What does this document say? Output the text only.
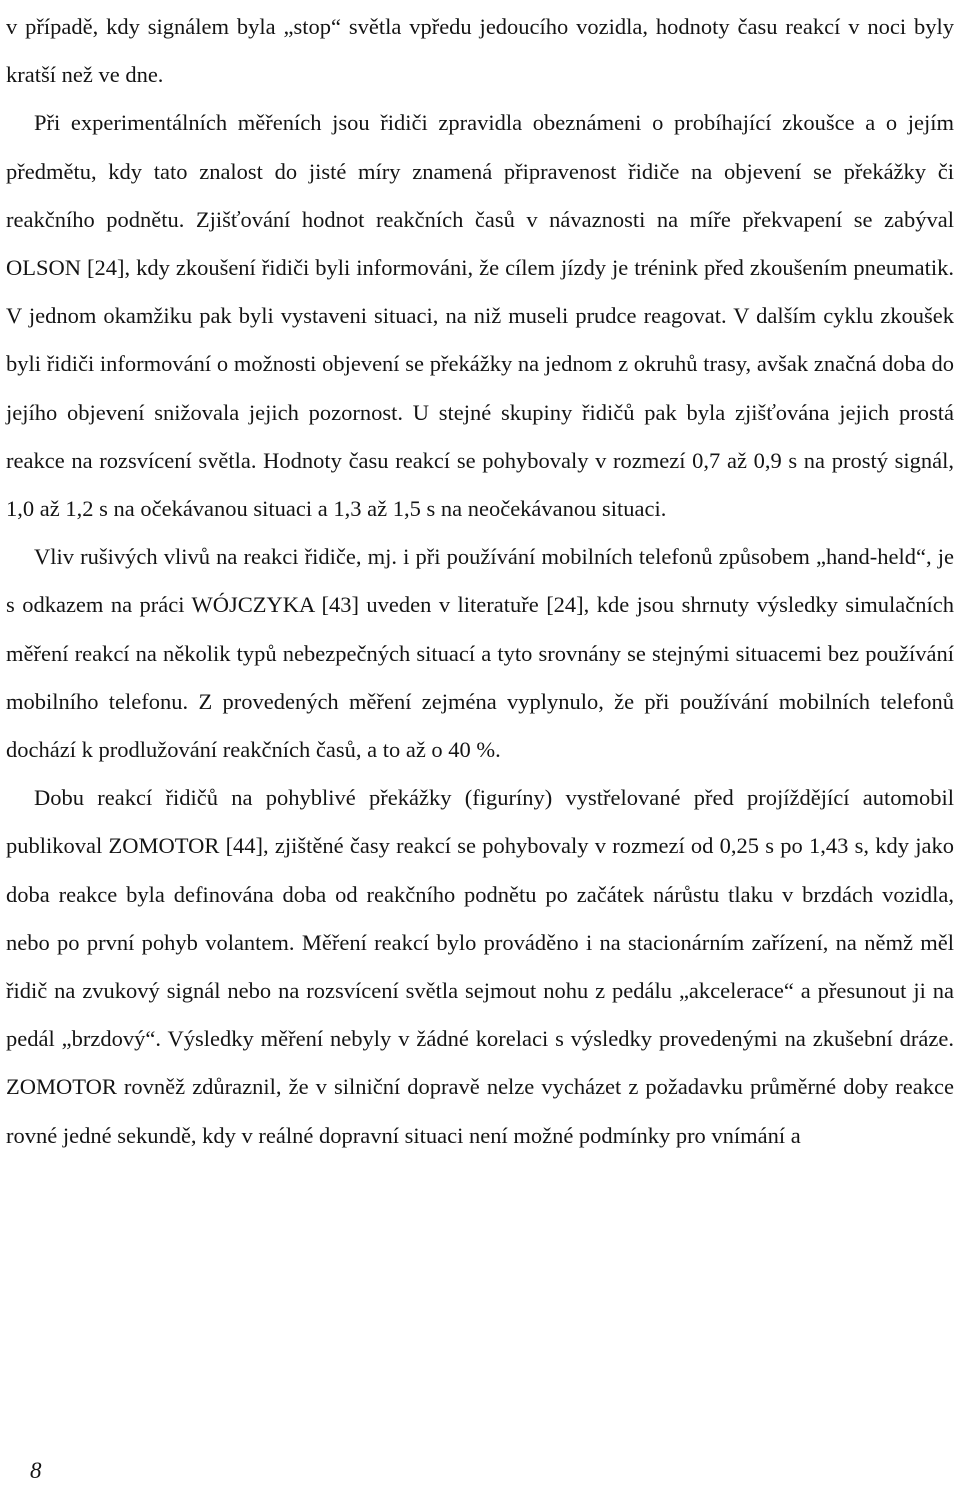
v případě, kdy signálem byla „stop“ světla vpředu jedoucího vozidla, hodnoty času reakcí v noci byly kratší než ve dne.

Při experimentálních měřeních jsou řidiči zpravidla obeznámeni o probíhající zkoušce a o jejím předmětu, kdy tato znalost do jisté míry znamená připravenost řidiče na objevení se překážky či reakčního podnětu. Zjišťování hodnot reakčních časů v návaznosti na míře překvapení se zabýval OLSON [24], kdy zkoušení řidiči byli informováni, že cílem jízdy je trénink před zkoušením pneumatik. V jednom okamžiku pak byli vystaveni situaci, na niž museli prudce reagovat. V dalším cyklu zkoušek byli řidiči informování o možnosti objevení se překážky na jednom z okruhů trasy, avšak značná doba do jejího objevení snižovala jejich pozornost. U stejné skupiny řidičů pak byla zjišťována jejich prostá reakce na rozsvícení světla. Hodnoty času reakcí se pohybovaly v rozmezí 0,7 až 0,9 s na prostý signál, 1,0 až 1,2 s na očekávanou situaci a 1,3 až 1,5 s na neočekávanou situaci.

Vliv rušivých vlivů na reakci řidiče, mj. i při používání mobilních telefonů způsobem „hand-held“, je s odkazem na práci WÓJCZYKA [43] uveden v literatuře [24], kde jsou shrnuty výsledky simulačních měření reakcí na několik typů nebezpečných situací a tyto srovnány se stejnými situacemi bez používání mobilního telefonu. Z provedených měření zejména vyplynulo, že při používání mobilních telefonů dochází k prodlužování reakčních časů, a to až o 40 %.

Dobu reakcí řidičů na pohyblivé překážky (figuríny) vystřelované před projíždějící automobil publikoval ZOMOTOR [44], zjištěné časy reakcí se pohybovaly v rozmezí od 0,25 s po 1,43 s, kdy jako doba reakce byla definována doba od reakčního podnětu po začátek nárůstu tlaku v brzdách vozidla, nebo po první pohyb volantem. Měření reakcí bylo prováděno i na stacionárním zařízení, na němž měl řidič na zvukový signál nebo na rozsvícení světla sejmout nohu z pedálu „akcelerace“ a přesunout ji na pedál „brzdový“. Výsledky měření nebyly v žádné korelaci s výsledky provedenými na zkušební dráze. ZOMOTOR rovněž zdůraznil, že v silniční dopravě nelze vycházet z požadavku průměrné doby reakce rovné jedné sekundě, kdy v reálné dopravní situaci není možné podmínky pro vnímání a

8
